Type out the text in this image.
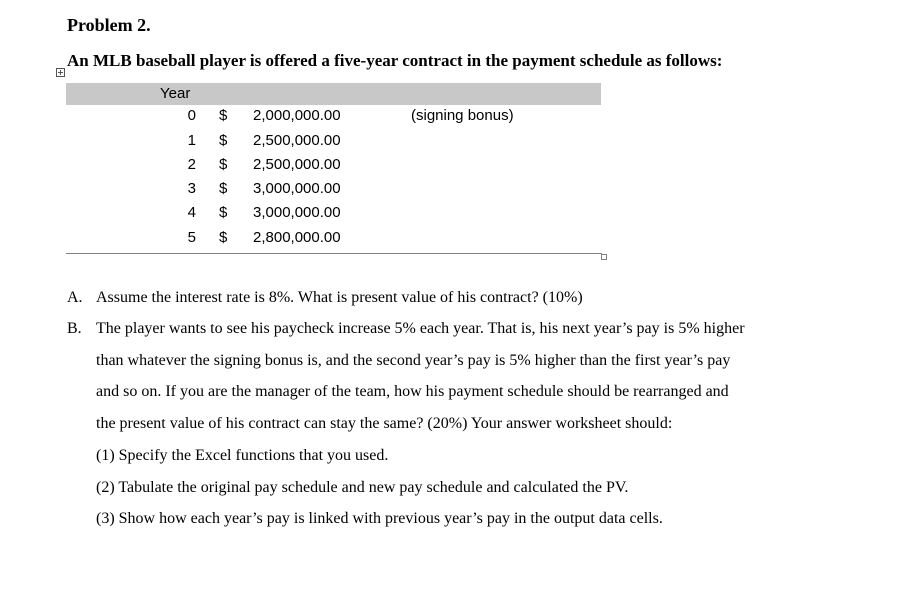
Problem 2.
An MLB baseball player is offered a five-year contract in the payment schedule as follows:
Year
0 $ 2,000,000.00	(signing bonus)
1 $ 2,500,000.00
2 $ 2,500,000.00
3 $ 3,000,000.00
4 $ 3,000,000.00
5 $ 2,800,000.00
A. Assume the interest rate is 8%. What is present value of his contract? (10%)
B. The player wants to see his paycheck increase 5% each year. That is, his next year’s pay is 5% higher
than whatever the signing bonus is, and the second year’s pay is 5% higher than the first year’s pay
and so on. If you are the manager of the team, how his payment schedule should be rearranged and
the present value of his contract can stay the same? (20%) Your answer worksheet should:
(1) Specify the Excel functions that you used.
(2) Tabulate the original pay schedule and new pay schedule and calculated the PV.
(3) Show how each year’s pay is linked with previous year’s pay in the output data cells.
